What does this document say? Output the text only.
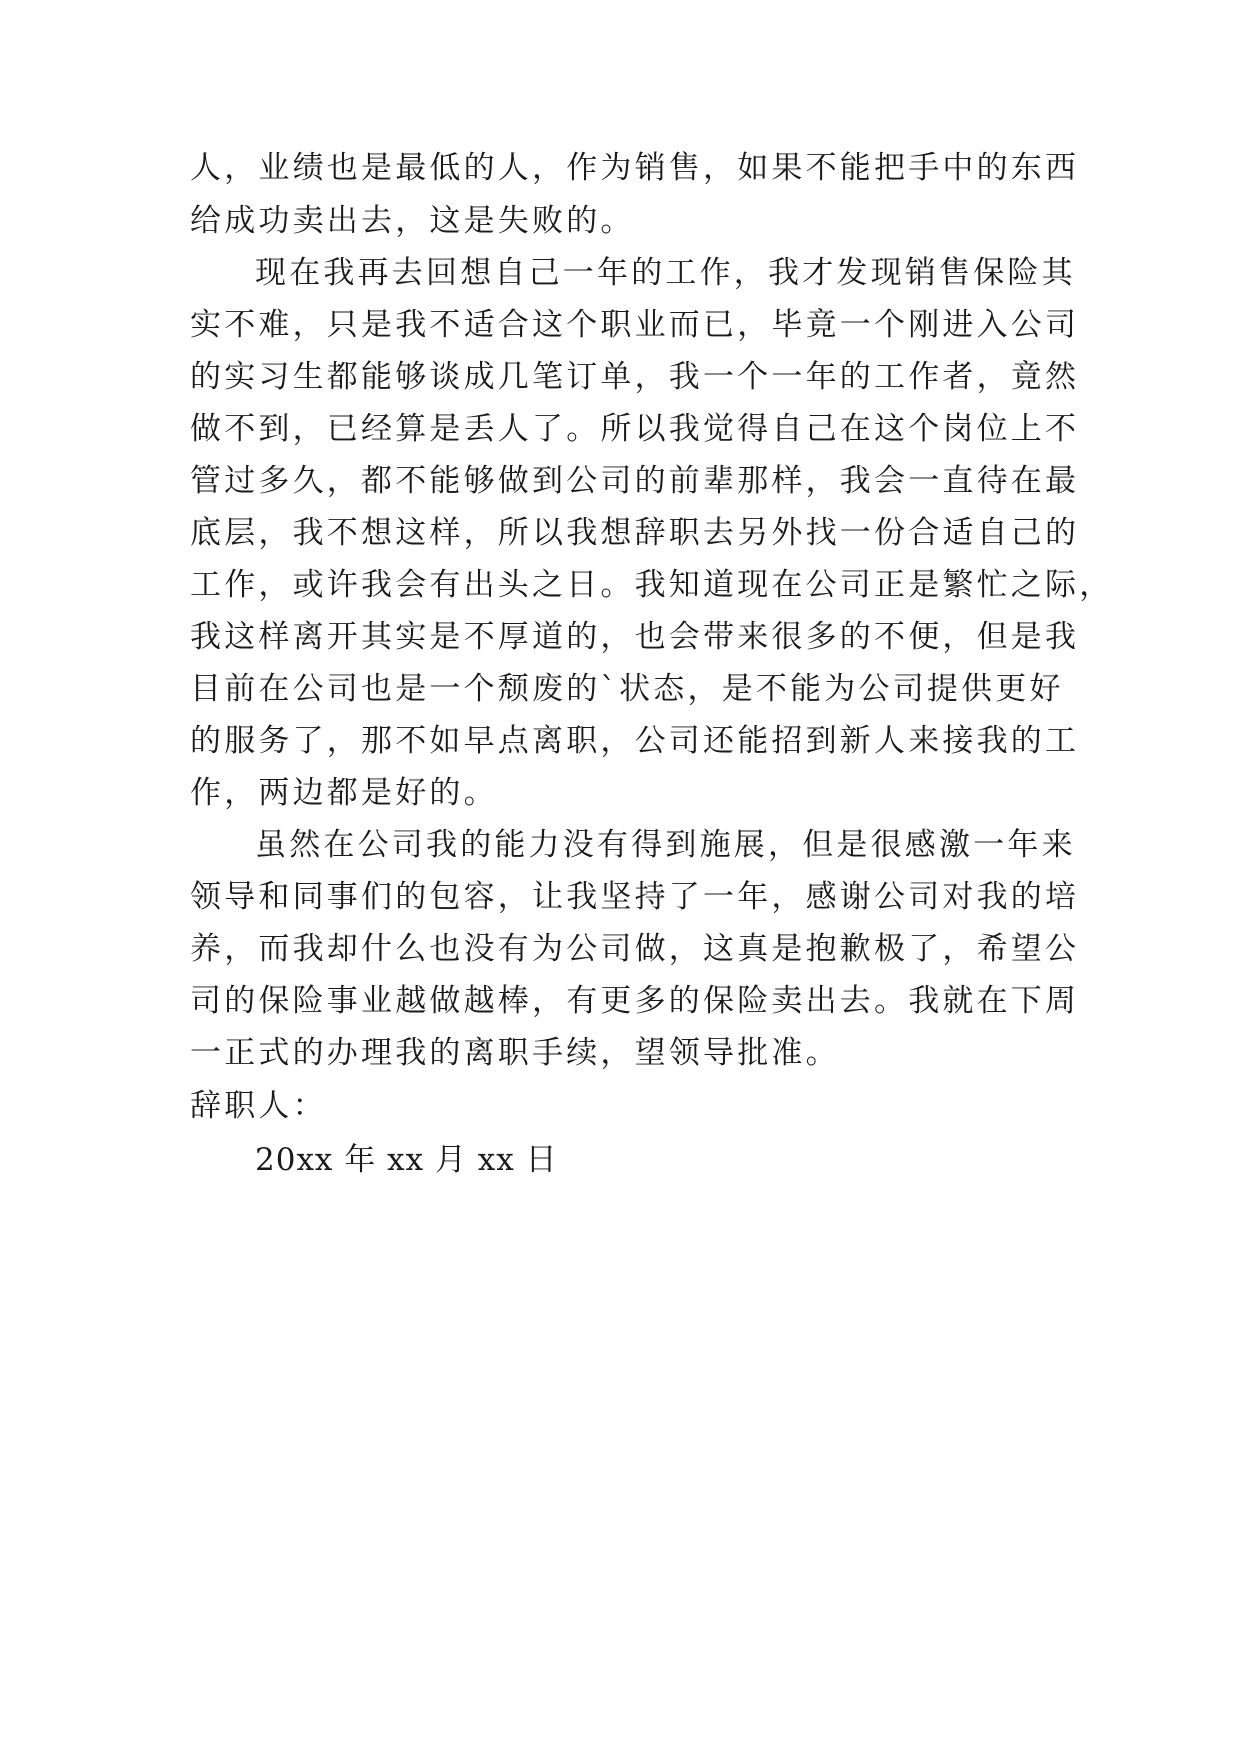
人，业绩也是最低的人，作为销售，如果不能把手中的东西
给成功卖出去，这是失败的。
现在我再去回想自己一年的工作，我才发现销售保险其
实不难，只是我不适合这个职业而已，毕竟一个刚进入公司
的实习生都能够谈成几笔订单，我一个一年的工作者，竟然
做不到，已经算是丢人了。所以我觉得自己在这个岗位上不
管过多久，都不能够做到公司的前辈那样，我会一直待在最
底层，我不想这样，所以我想辞职去另外找一份合适自己的
工作，或许我会有出头之日。我知道现在公司正是繁忙之际，
我这样离开其实是不厚道的，也会带来很多的不便，但是我
目前在公司也是一个颓废的`状态，是不能为公司提供更好
的服务了，那不如早点离职，公司还能招到新人来接我的工
作，两边都是好的。
虽然在公司我的能力没有得到施展，但是很感激一年来
领导和同事们的包容，让我坚持了一年，感谢公司对我的培
养，而我却什么也没有为公司做，这真是抱歉极了，希望公
司的保险事业越做越棒，有更多的保险卖出去。我就在下周
一正式的办理我的离职手续，望领导批准。
辞职人：
20xx 年 xx 月 xx 日
